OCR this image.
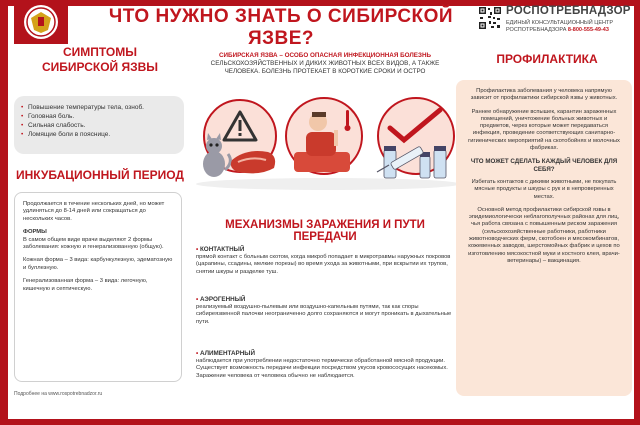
ЧТО НУЖНО ЗНАТЬ О СИБИРСКОЙ ЯЗВЕ?
РОСПОТРЕБНАДЗОР
ЕДИНЫЙ КОНСУЛЬТАЦИОННЫЙ ЦЕНТР РОСПОТРЕБНАДЗОРА 8-800-555-49-43
СИМПТОМЫ
СИБИРСКОЙ ЯЗВЫ
• Повышение температуры тела, озноб.
• Головная боль.
• Сильная слабость.
• Ломящие боли в пояснице.
ИНКУБАЦИОННЫЙ ПЕРИОД

Продолжается в течение нескольких дней, но может удлиняться до 8-14 дней или сокращаться до нескольких часов.

ФОРМЫ

В самом общем виде врачи выделяют 2 формы заболевания: кожную и генерализованную (общую).

Кожная форма – 3 вида: карбункулезную, эдематозную и буллезную.

Генерализованная форма – 3 вида: легочную, кишечную и септическую.

Подробнее на www.rospotrebnadzor.ru
СИБИРСКАЯ ЯЗВА – ОСОБО ОПАСНАЯ ИНФЕКЦИОННАЯ БОЛЕЗНЬ
СЕЛЬСКОХОЗЯЙСТВЕННЫХ И ДИКИХ ЖИВОТНЫХ ВСЕХ ВИДОВ, А ТАКЖЕ ЧЕЛОВЕКА. БОЛЕЗНЬ ПРОТЕКАЕТ В КОРОТКИЕ СРОКИ И ОСТРО
МЕХАНИЗМЫ ЗАРАЖЕНИЯ И ПУТИ ПЕРЕДАЧИ
• КОНТАКТНЫЙ
прямой контакт с больным скотом, когда микроб попадает в микротравмы наружных покровов (царапины, ссадины, мелкие порезы) во время ухода за животными, при вскрытии их трупов, снятии шкуры и разделке туш.
• АЭРОГЕННЫЙ
реализуемый воздушно-пылевым или воздушно-капельным путями, так как споры сибиреязвенной палочки неограниченно долго сохраняются и могут проникать в дыхательные пути.
• АЛИМЕНТАРНЫЙ
наблюдается при употреблении недостаточно термически обработанной мясной продукции. Существует возможность передачи инфекции посредством укусов кровососущих насекомых.
Заражение человека от человека обычно не наблюдается.
ПРОФИЛАКТИКА

Профилактика заболевания у человека напрямую зависит от профилактики сибирской язвы у животных.

Раннее обнаружение вспышек, карантин зараженных помещений, уничтожение больных животных и предметов, через которые может передаваться инфекция, проведение соответствующих санитарно-гигиенических мероприятий на скотобойнях и молочных фабриках.

ЧТО МОЖЕТ СДЕЛАТЬ КАЖДЫЙ ЧЕЛОВЕК ДЛЯ СЕБЯ?

Избегать контактов с дикими животными, не покупать мясные продукты и шкуры с рук и в непроверенных местах.

Основной метод профилактики сибирской язвы в эпидемиологически неблагополучных районах для лиц, чья работа связана с повышенным риском заражения (сельскохозяйственные работники, работники животноводческих ферм, скотобоен и мясокомбинатов, кожевенных заводов, шерстомойных фабрик и цехов по изготовлению мясокостной муки и костного клея, врачи-ветеринары) – вакцинация.
